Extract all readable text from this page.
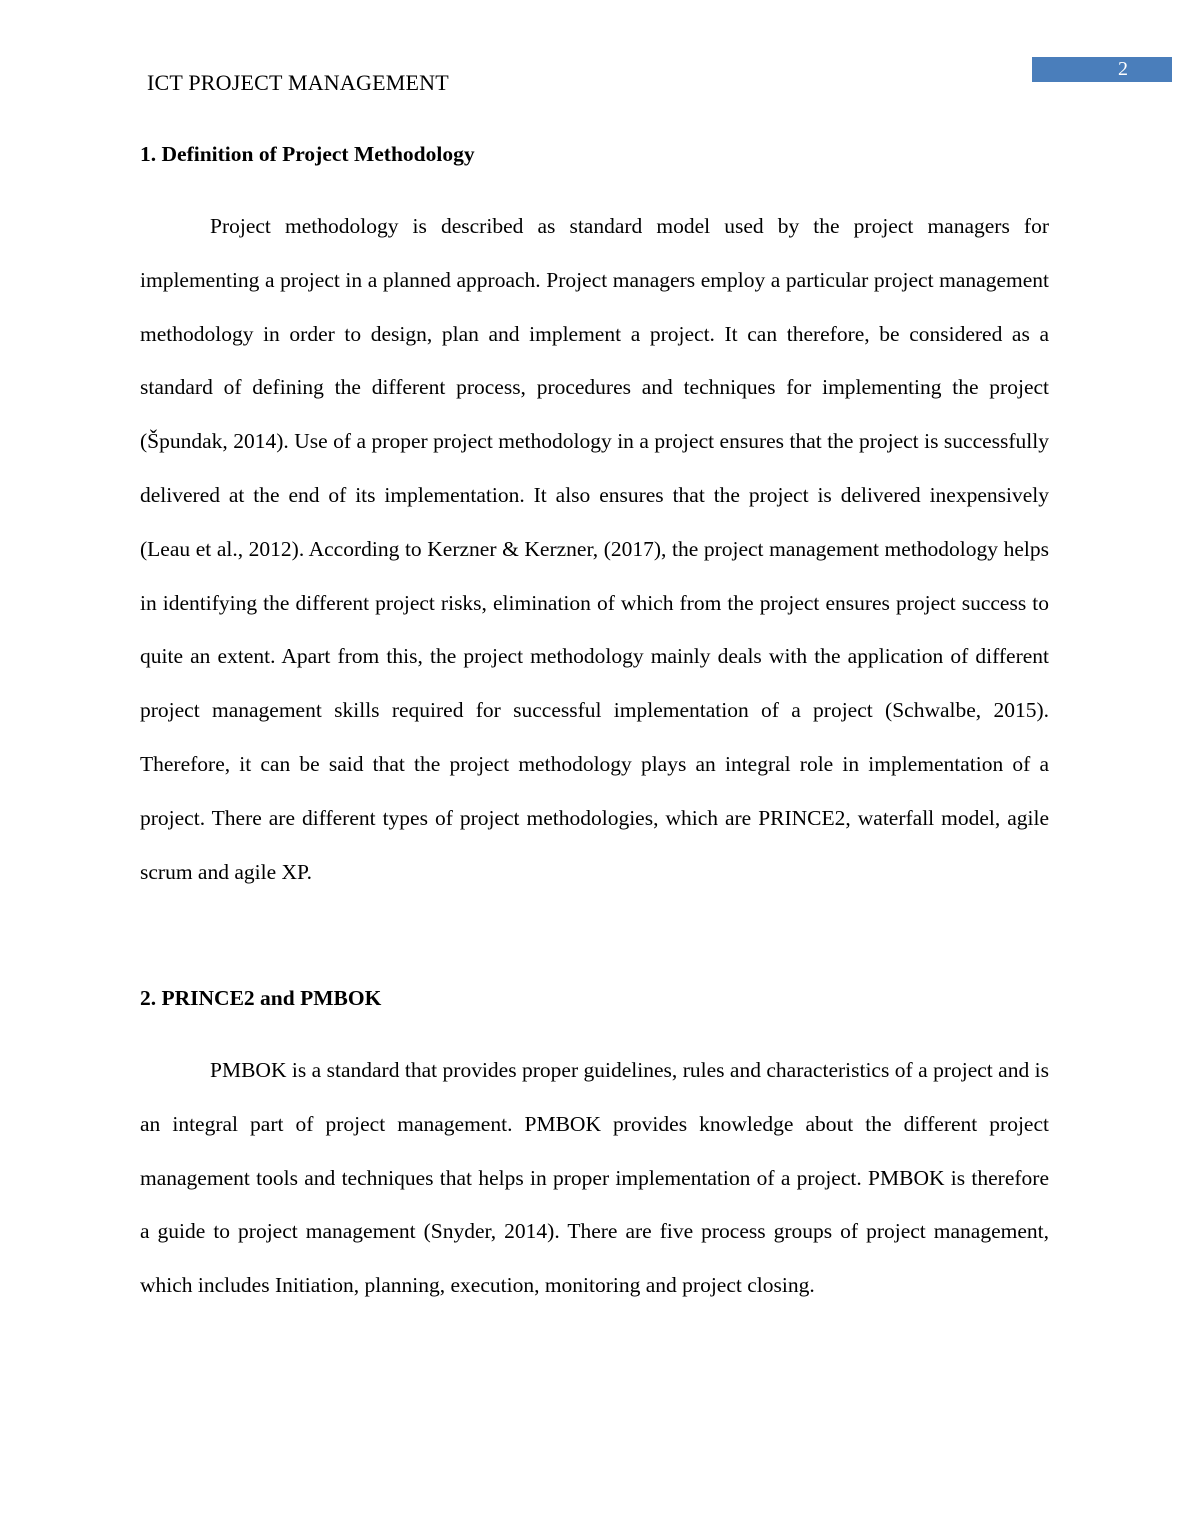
ICT PROJECT MANAGEMENT
2
1. Definition of Project Methodology

Project methodology is described as standard model used by the project managers for implementing a project in a planned approach. Project managers employ a particular project management methodology in order to design, plan and implement a project. It can therefore, be considered as a standard of defining the different process, procedures and techniques for implementing the project (Špundak, 2014). Use of a proper project methodology in a project ensures that the project is successfully delivered at the end of its implementation. It also ensures that the project is delivered inexpensively (Leau et al., 2012). According to Kerzner & Kerzner, (2017), the project management methodology helps in identifying the different project risks, elimination of which from the project ensures project success to quite an extent. Apart from this, the project methodology mainly deals with the application of different project management skills required for successful implementation of a project (Schwalbe, 2015). Therefore, it can be said that the project methodology plays an integral role in implementation of a project. There are different types of project methodologies, which are PRINCE2, waterfall model, agile scrum and agile XP.

2. PRINCE2 and PMBOK

PMBOK is a standard that provides proper guidelines, rules and characteristics of a project and is an integral part of project management. PMBOK provides knowledge about the different project management tools and techniques that helps in proper implementation of a project. PMBOK is therefore a guide to project management (Snyder, 2014). There are five process groups of project management, which includes Initiation, planning, execution, monitoring and project closing.
